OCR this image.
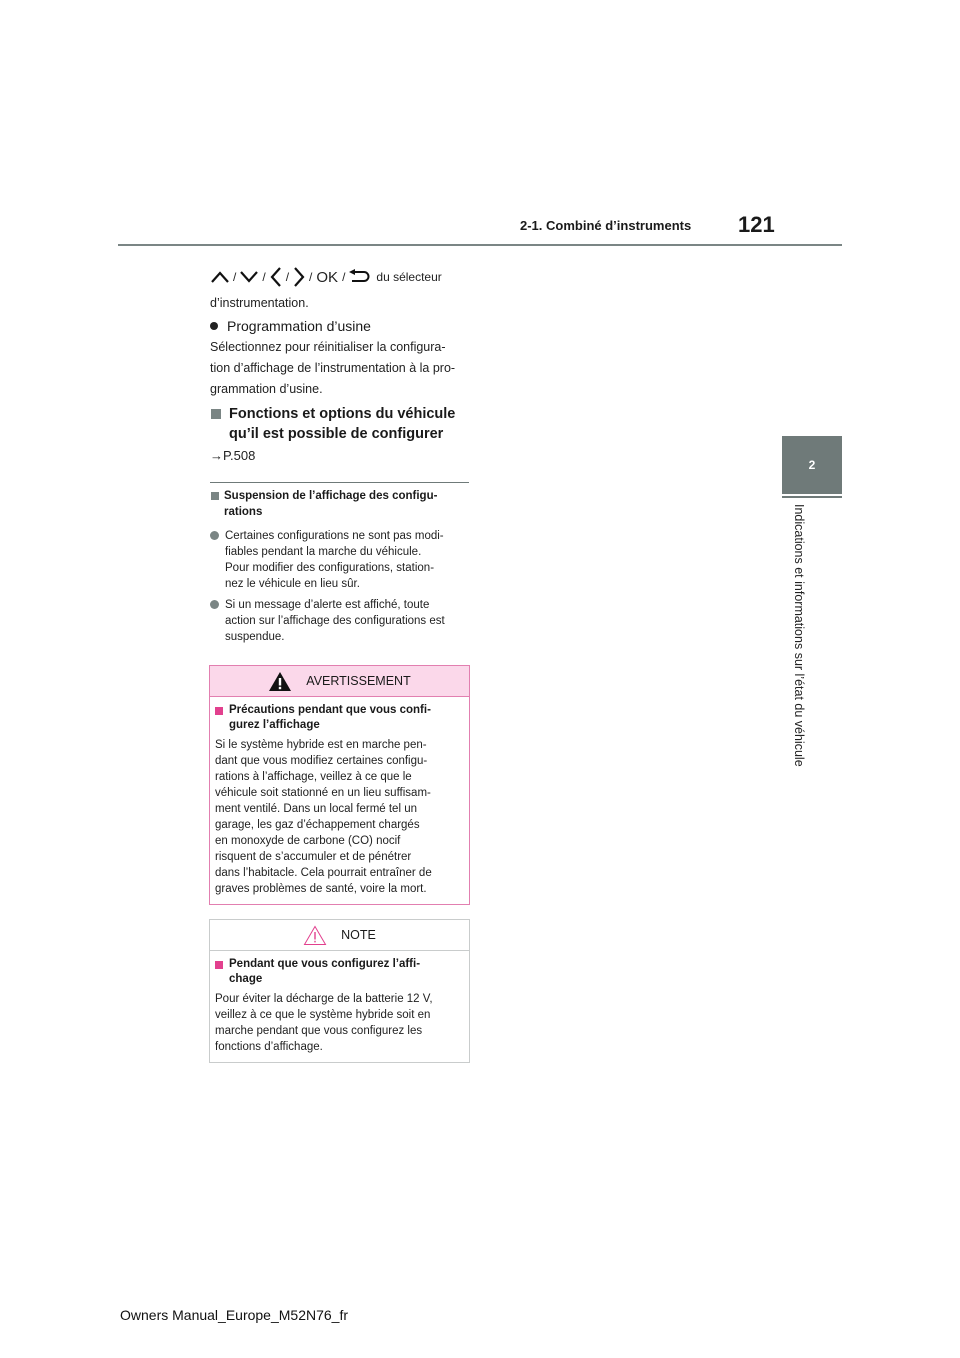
2-1. Combiné d’instruments 121
2
Indications et informations sur l’état du véhicule
/ / / / OK /	du sélecteur
d’instrumentation.
Programmation d’usine
Sélectionnez pour réinitialiser la configura-
tion d’affichage de l’instrumentation à la pro-
grammation d’usine.
Fonctions et options du véhicule
qu’il est possible de configurer
→P.508
Suspension de l’affichage des configu-
rations
Certaines configurations ne sont pas modi-
fiables pendant la marche du véhicule.
Pour modifier des configurations, station-
nez le véhicule en lieu sûr.
Si un message d’alerte est affiché, toute
action sur l’affichage des configurations est
suspendue.
AVERTISSEMENT
Précautions pendant que vous confi-
gurez l’affichage
Si le système hybride est en marche pen-
dant que vous modifiez certaines configu-
rations à l’affichage, veillez à ce que le
véhicule soit stationné en un lieu suffisam-
ment ventilé. Dans un local fermé tel un
garage, les gaz d’échappement chargés
en monoxyde de carbone (CO) nocif
risquent de s’accumuler et de pénétrer
dans l’habitacle. Cela pourrait entraîner de
graves problèmes de santé, voire la mort.
NOTE
Pendant que vous configurez l’affi-
chage
Pour éviter la décharge de la batterie 12 V,
veillez à ce que le système hybride soit en
marche pendant que vous configurez les
fonctions d’affichage.
Owners Manual_Europe_M52N76_fr
